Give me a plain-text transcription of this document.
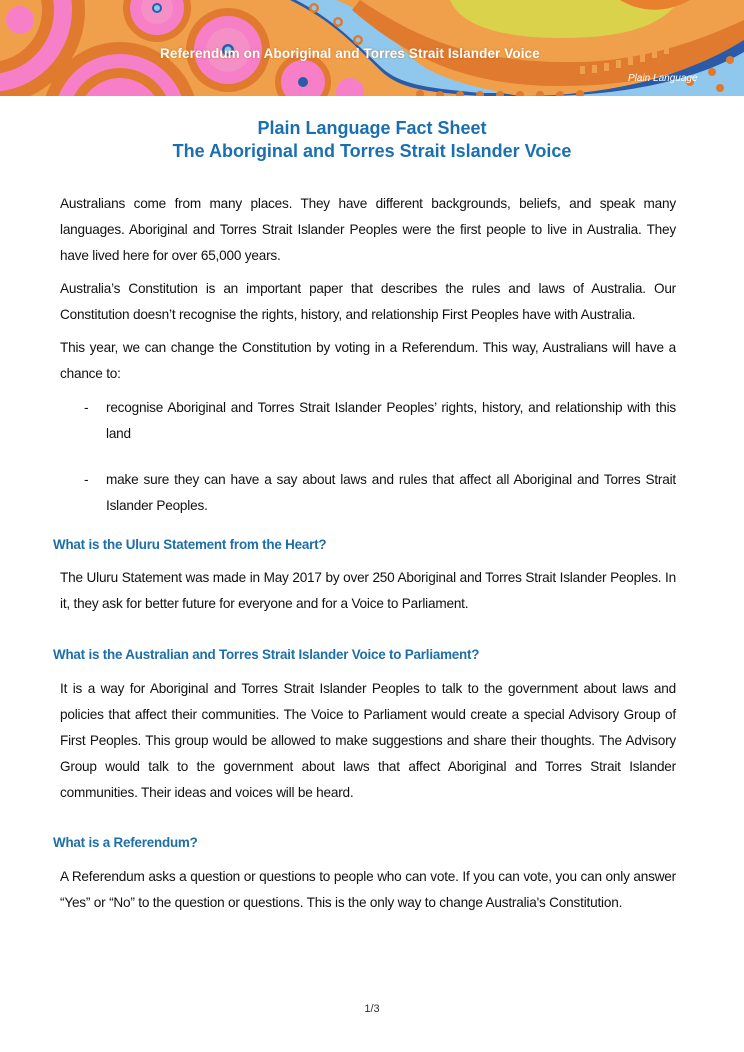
Referendum on Aboriginal and Torres Strait Islander Voice
Plain Language
Plain Language Fact Sheet
The Aboriginal and Torres Strait Islander Voice
Australians come from many places. They have different backgrounds, beliefs, and speak many languages. Aboriginal and Torres Strait Islander Peoples were the first people to live in Australia. They have lived here for over 65,000 years.
Australia’s Constitution is an important paper that describes the rules and laws of Australia. Our Constitution doesn’t recognise the rights, history, and relationship First Peoples have with Australia.
This year, we can change the Constitution by voting in a Referendum. This way, Australians will have a chance to:
- recognise Aboriginal and Torres Strait Islander Peoples’ rights, history, and relationship with this land
- make sure they can have a say about laws and rules that affect all Aboriginal and Torres Strait Islander Peoples.
What is the Uluru Statement from the Heart?
The Uluru Statement was made in May 2017 by over 250 Aboriginal and Torres Strait Islander Peoples. In it, they ask for better future for everyone and for a Voice to Parliament.
What is the Australian and Torres Strait Islander Voice to Parliament?
It is a way for Aboriginal and Torres Strait Islander Peoples to talk to the government about laws and policies that affect their communities. The Voice to Parliament would create a special Advisory Group of First Peoples. This group would be allowed to make suggestions and share their thoughts. The Advisory Group would talk to the government about laws that affect Aboriginal and Torres Strait Islander communities. Their ideas and voices will be heard.
What is a Referendum?
A Referendum asks a question or questions to people who can vote. If you can vote, you can only answer “Yes” or “No” to the question or questions. This is the only way to change Australia's Constitution.
1/3
